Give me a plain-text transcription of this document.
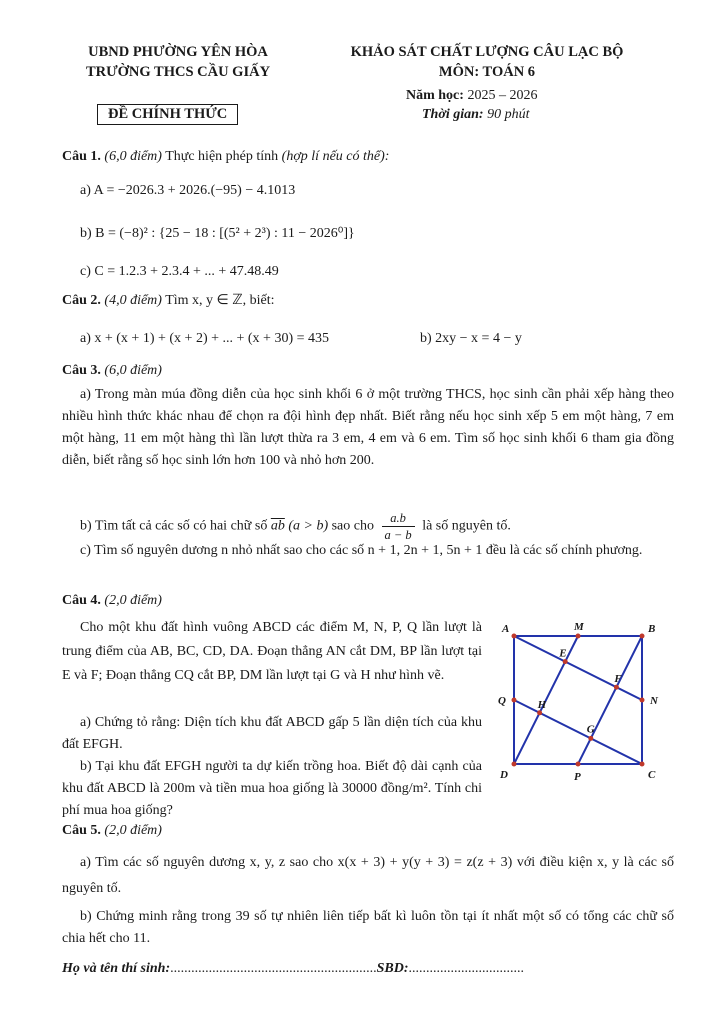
UBND PHƯỜNG YÊN HÒA
TRƯỜNG THCS CẦU GIẤY
ĐỀ CHÍNH THỨC
KHẢO SÁT CHẤT LƯỢNG CÂU LẠC BỘ
MÔN: TOÁN 6
Năm học: 2025 – 2026
Thời gian: 90 phút
Câu 1. (6,0 điểm) Thực hiện phép tính (hợp lí nếu có thể):
a) A = −2026.3 + 2026.(−95) − 4.1013
b) B = (−8)² : {25 − 18 : [(5² + 2³) : 11 − 2026⁰]}
c) C = 1.2.3 + 2.3.4 + ... + 47.48.49
Câu 2. (4,0 điểm) Tìm x, y ∈ ℤ, biết:
a) x + (x + 1) + (x + 2) + ... + (x + 30) = 435	b) 2xy − x = 4 − y
Câu 3. (6,0 điểm)
a) Trong màn múa đồng diễn của học sinh khối 6 ở một trường THCS, học sinh cần phải xếp hàng theo nhiều hình thức khác nhau để chọn ra đội hình đẹp nhất. Biết rằng nếu học sinh xếp 5 em một hàng, 7 em một hàng, 11 em một hàng thì lần lượt thừa ra 3 em, 4 em và 6 em. Tìm số học sinh khối 6 tham gia đồng diễn, biết rằng số học sinh lớn hơn 100 và nhỏ hơn 200.
b) Tìm tất cả các số có hai chữ số $\overline{ab}$ (a > b) sao cho $\frac{a.b}{a - b}$ là số nguyên tố.
c) Tìm số nguyên dương n nhỏ nhất sao cho các số n + 1, 2n + 1, 5n + 1 đều là các số chính phương.
Câu 4. (2,0 điểm)
Cho một khu đất hình vuông ABCD các điểm M, N, P, Q lần lượt là trung điểm của AB, BC, CD, DA. Đoạn thẳng AN cắt DM, BP lần lượt tại E và F; Đoạn thẳng CQ cắt BP, DM lần lượt tại G và H như hình vẽ.
a) Chứng tỏ rằng: Diện tích khu đất ABCD gấp 5 lần diện tích của khu đất EFGH.
b) Tại khu đất EFGH người ta dự kiến trồng hoa. Biết độ dài cạnh của khu đất ABCD là 200m và tiền mua hoa giống là 30000 đồng/m². Tính chi phí mua hoa giống?
A	B
C
D
M
N
P
Q
E
F
G
H
Câu 5. (2,0 điểm)
a) Tìm các số nguyên dương x, y, z sao cho x(x + 3) + y(y + 3) = z(z + 3) với điều kiện x, y là các số nguyên tố.
b) Chứng minh rằng trong 39 số tự nhiên liên tiếp bất kì luôn tồn tại ít nhất một số có tổng các chữ số chia hết cho 11.
Họ và tên thí sinh:...........................................................SBD:.................................
